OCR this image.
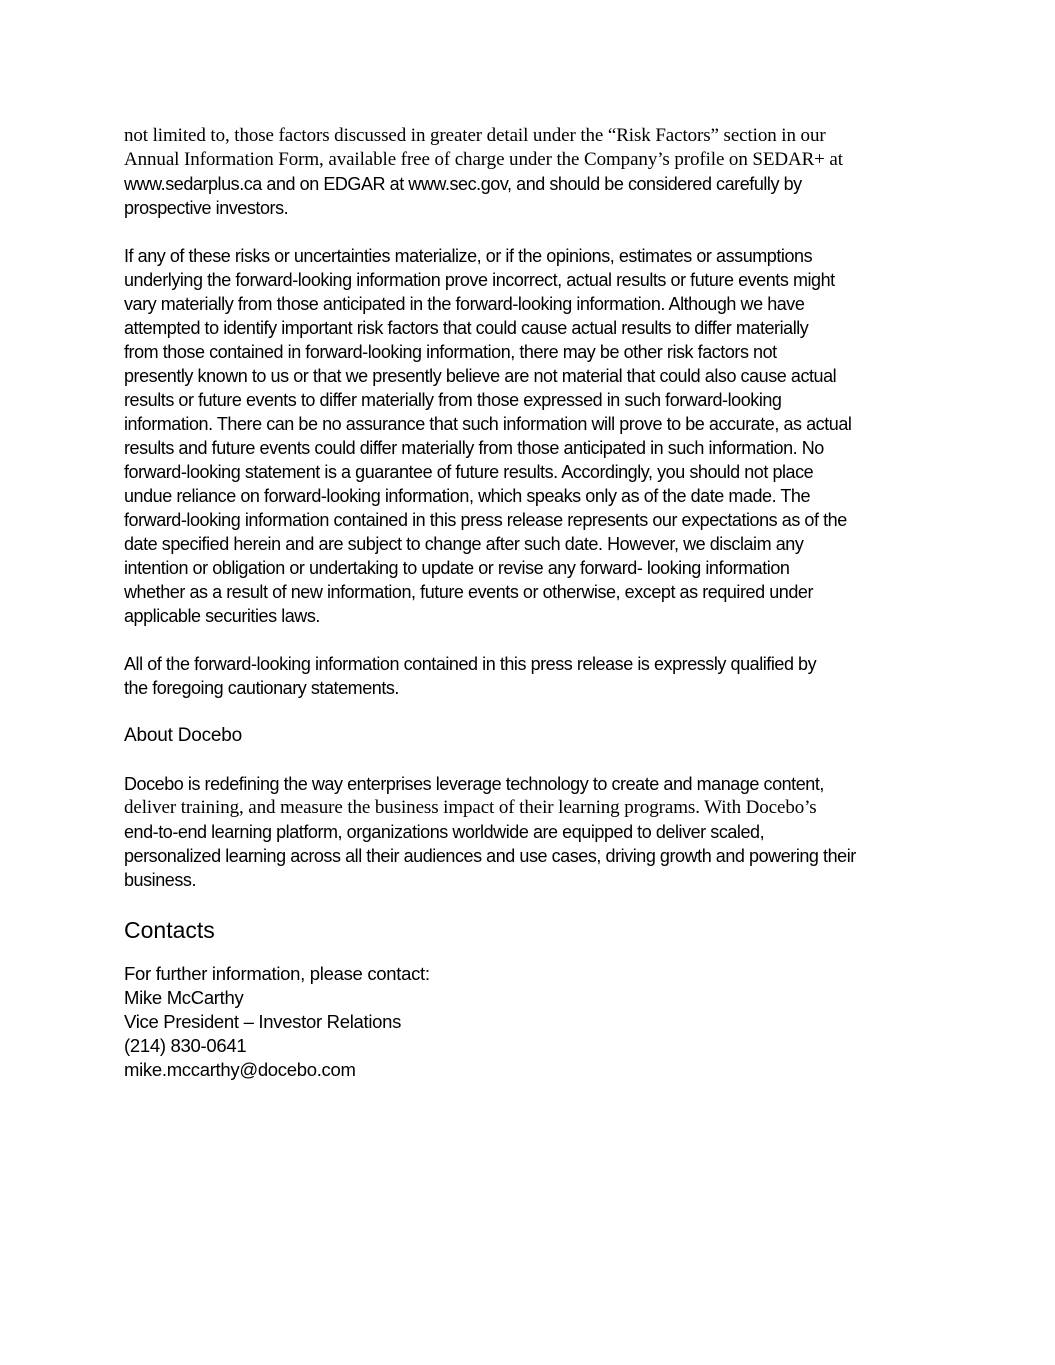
not limited to, those factors discussed in greater detail under the “Risk Factors” section in our
Annual Information Form, available free of charge under the Company’s profile on SEDAR+ at
www.sedarplus.ca and on EDGAR at www.sec.gov, and should be considered carefully by
prospective investors.
If any of these risks or uncertainties materialize, or if the opinions, estimates or assumptions
underlying the forward-looking information prove incorrect, actual results or future events might
vary materially from those anticipated in the forward-looking information. Although we have
attempted to identify important risk factors that could cause actual results to differ materially
from those contained in forward-looking information, there may be other risk factors not
presently known to us or that we presently believe are not material that could also cause actual
results or future events to differ materially from those expressed in such forward-looking
information. There can be no assurance that such information will prove to be accurate, as actual
results and future events could differ materially from those anticipated in such information. No
forward-looking statement is a guarantee of future results. Accordingly, you should not place
undue reliance on forward-looking information, which speaks only as of the date made. The
forward-looking information contained in this press release represents our expectations as of the
date specified herein and are subject to change after such date. However, we disclaim any
intention or obligation or undertaking to update or revise any forward- looking information
whether as a result of new information, future events or otherwise, except as required under
applicable securities laws.
All of the forward-looking information contained in this press release is expressly qualified by
the foregoing cautionary statements.
About Docebo
Docebo is redefining the way enterprises leverage technology to create and manage content,
deliver training, and measure the business impact of their learning programs. With Docebo’s
end-to-end learning platform, organizations worldwide are equipped to deliver scaled,
personalized learning across all their audiences and use cases, driving growth and powering their
business.
Contacts
For further information, please contact:
Mike McCarthy
Vice President – Investor Relations
(214) 830-0641
mike.mccarthy@docebo.com
